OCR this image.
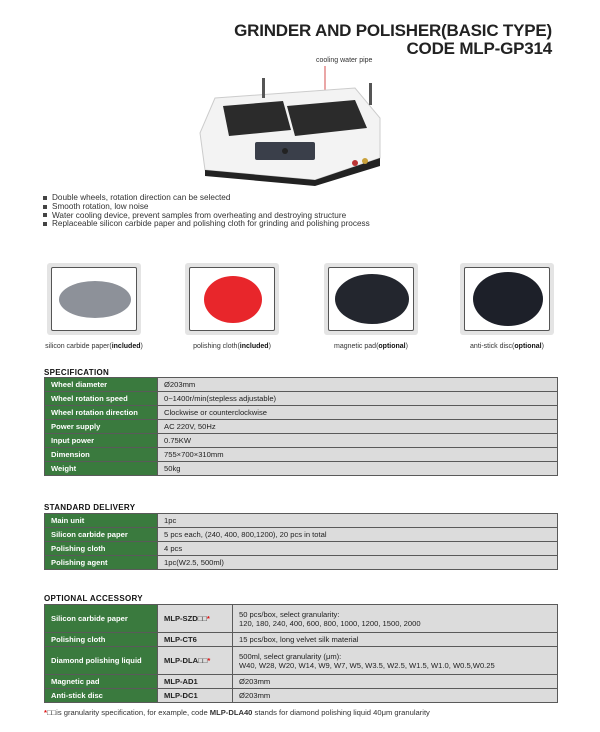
GRINDER AND POLISHER(BASIC TYPE)
CODE MLP-GP314
cooling water pipe
Double wheels, rotation direction can be selected
Smooth rotation, low noise
Water cooling device, prevent samples from overheating and destroying structure
Replaceable silicon carbide paper and polishing cloth for grinding and polishing process
silicon carbide paper(included)	polishing cloth(included)	magnetic pad(optional)	anti-stick disc(optional)
SPECIFICATION
Wheel diameter	Ø203mm
Wheel rotation speed	0~1400r/min(stepless adjustable)
Wheel rotation direction	Clockwise or counterclockwise
Power supply	AC 220V, 50Hz
Input power	0.75KW
Dimension	755×700×310mm
Weight	50kg
STANDARD DELIVERY
Main unit	1pc
Silicon carbide paper	5 pcs each, (240, 400, 800,1200), 20 pcs in total
Polishing cloth	4 pcs
Polishing agent	1pc(W2.5, 500ml)
OPTIONAL ACCESSORY
Silicon carbide paper	MLP-SZD□□*	50 pcs/box, select granularity:
120, 180, 240, 400, 600, 800, 1000, 1200, 1500, 2000

Polishing cloth	MLP-CT6	15 pcs/box, long velvet silk material
Diamond polishing liquid	MLP-DLA□□*	500ml, select granularity (μm):
W40, W28, W20, W14, W9, W7, W5, W3.5, W2.5, W1.5, W1.0, W0.5,W0.25

Magnetic pad	MLP-AD1	Ø203mm
Anti-stick disc	MLP-DC1	Ø203mm
*□□is granularity specification, for example, code MLP-DLA40 stands for diamond polishing liquid 40μm granularity
